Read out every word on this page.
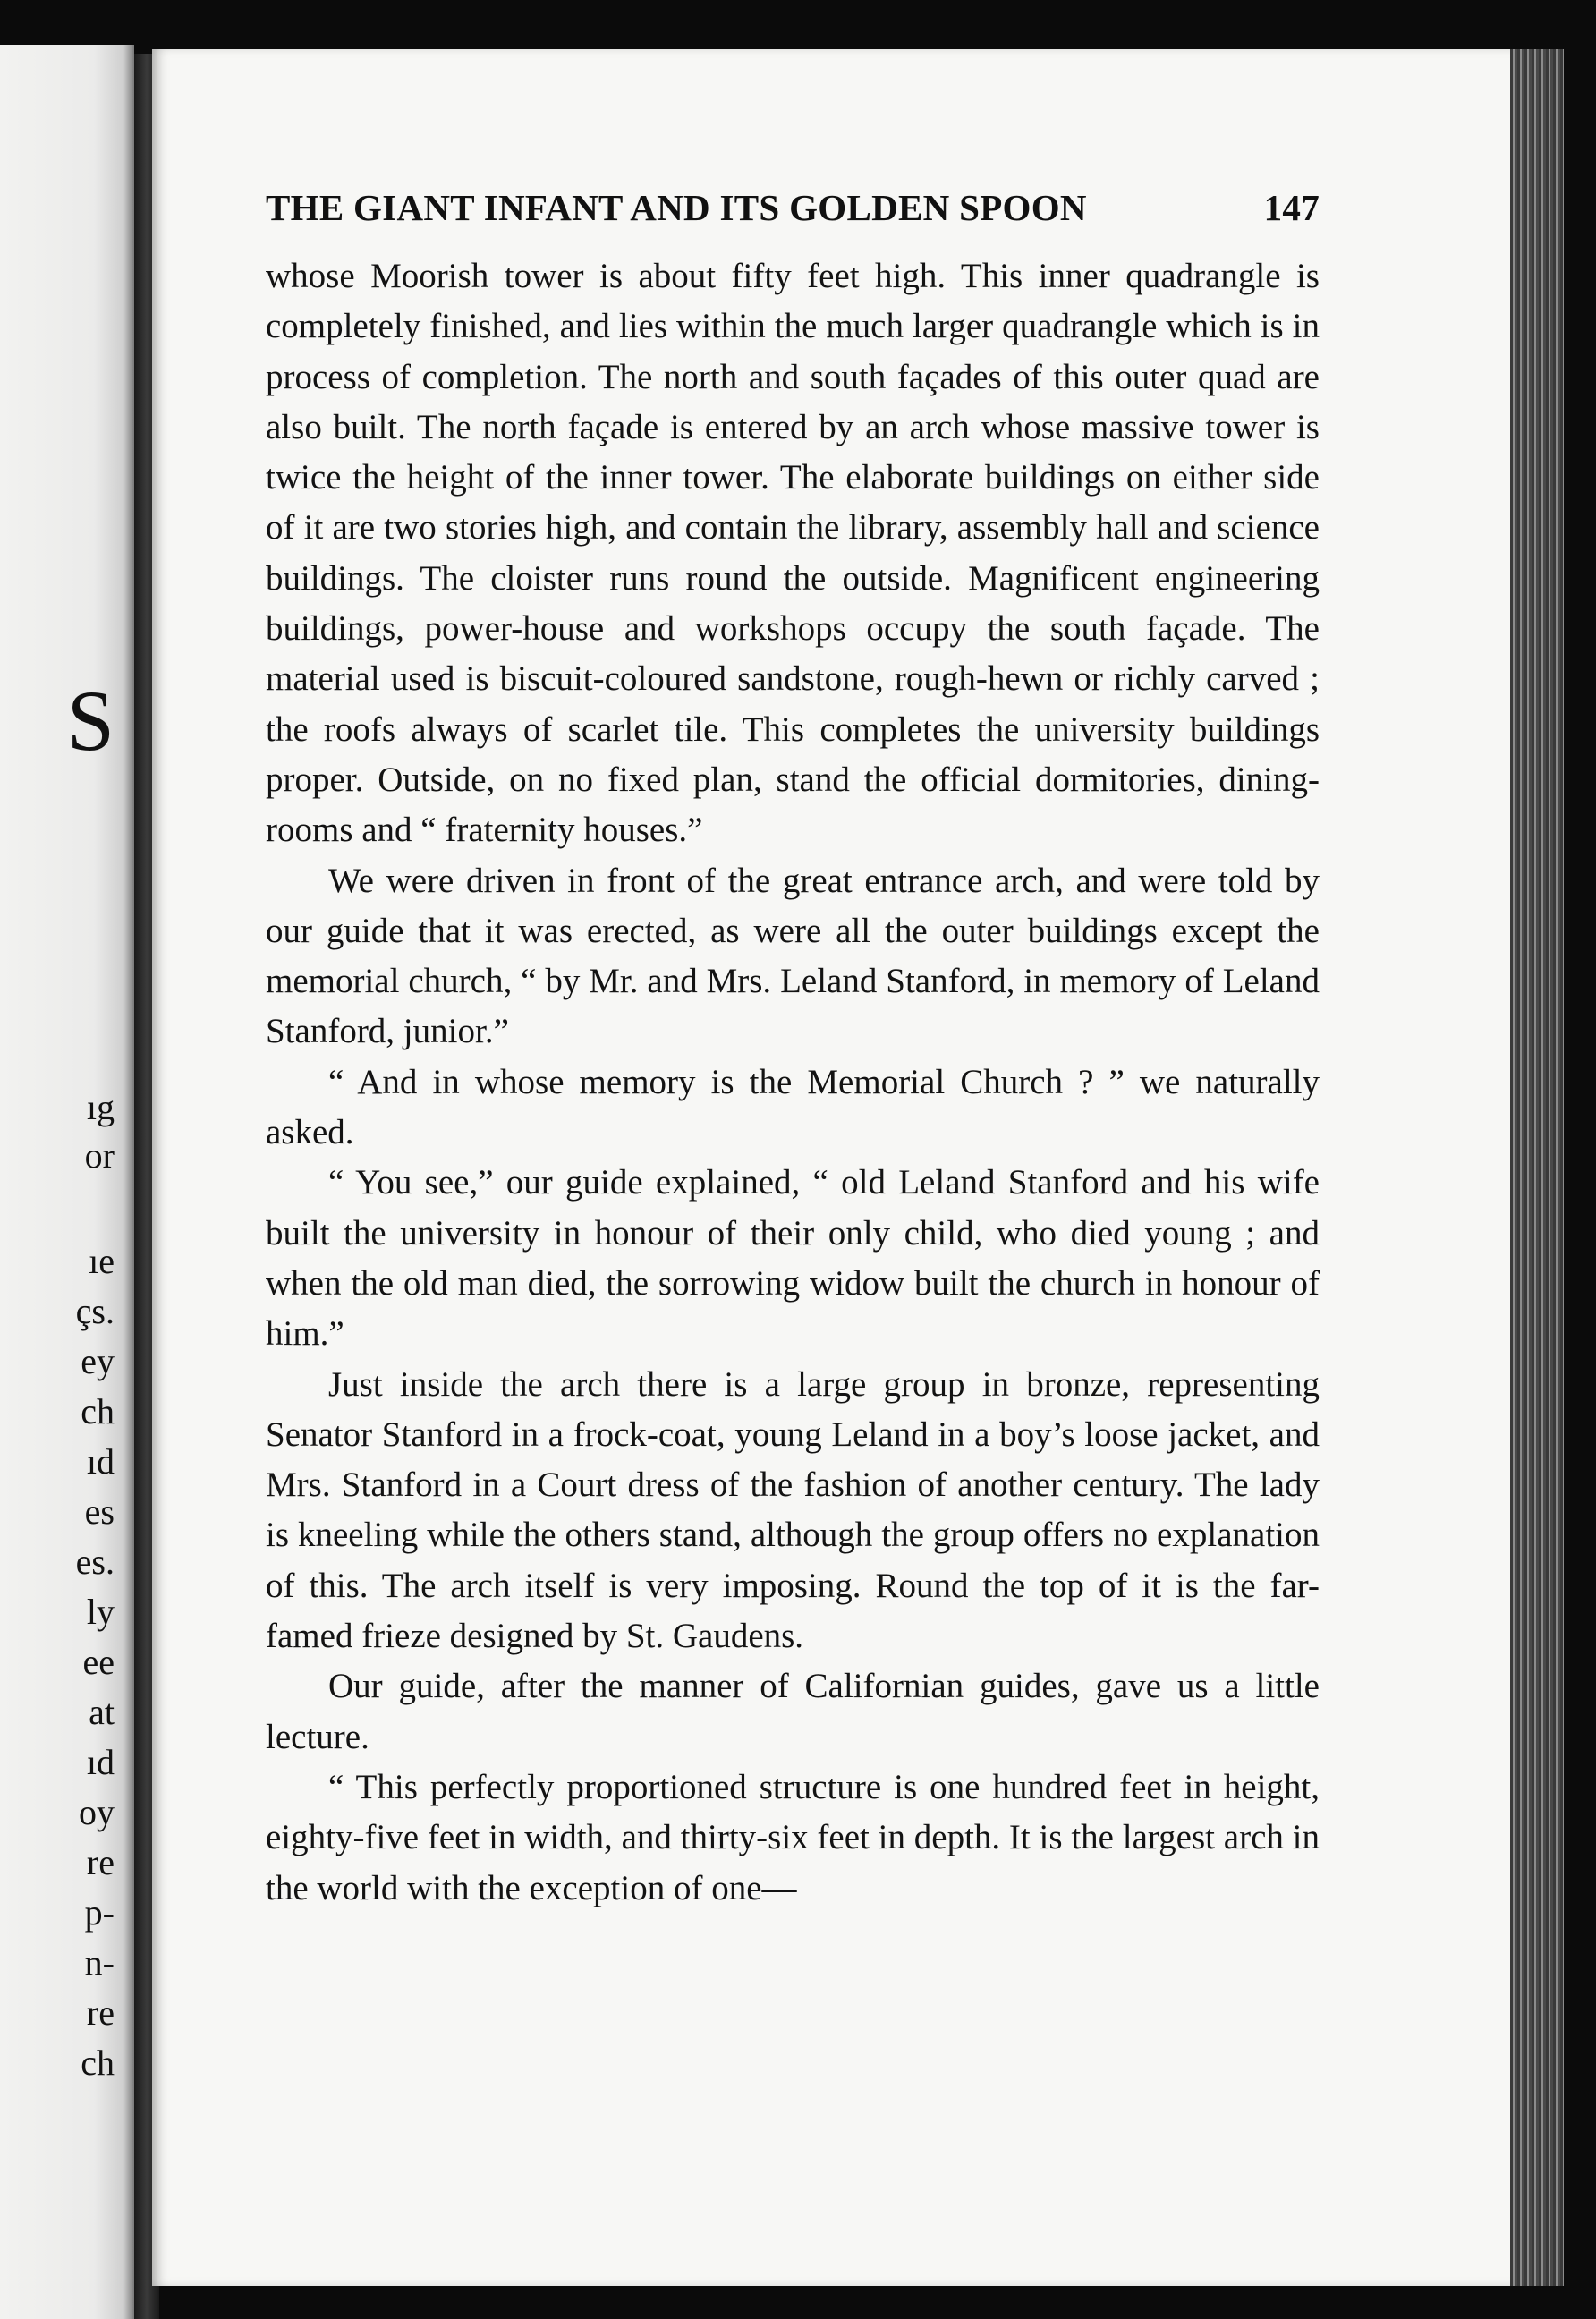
S
ıg
or
ıe
çs.
ey
ch
ıd
es
es.
ly
ee
at
ıd
oy
re
p-
n-
re
ch
THE GIANT INFANT AND ITS GOLDEN SPOON	147

whose Moorish tower is about fifty feet high. This inner quadrangle is completely finished, and lies within the much larger quadrangle which is in process of completion. The north and south façades of this outer quad are also built. The north façade is entered by an arch whose massive tower is twice the height of the inner tower. The elaborate buildings on either side of it are two stories high, and contain the library, assembly hall and science buildings. The cloister runs round the outside. Magnificent engineering buildings, power-house and workshops occupy the south façade. The material used is biscuit-coloured sandstone, rough-hewn or richly carved ; the roofs always of scarlet tile. This completes the university buildings proper. Outside, on no fixed plan, stand the official dormitories, dining-rooms and “ fraternity houses.”

We were driven in front of the great entrance arch, and were told by our guide that it was erected, as were all the outer buildings except the memorial church, “ by Mr. and Mrs. Leland Stanford, in memory of Leland Stanford, junior.”

“ And in whose memory is the Memorial Church ? ” we naturally asked.

“ You see,” our guide explained, “ old Leland Stanford and his wife built the university in honour of their only child, who died young ; and when the old man died, the sorrowing widow built the church in honour of him.”

Just inside the arch there is a large group in bronze, representing Senator Stanford in a frock-coat, young Leland in a boy’s loose jacket, and Mrs. Stanford in a Court dress of the fashion of another century. The lady is kneeling while the others stand, although the group offers no explanation of this. The arch itself is very imposing. Round the top of it is the far-famed frieze designed by St. Gaudens.

Our guide, after the manner of Californian guides, gave us a little lecture.

“ This perfectly proportioned structure is one hundred feet in height, eighty-five feet in width, and thirty-six feet in depth. It is the largest arch in the world with the exception of one—
